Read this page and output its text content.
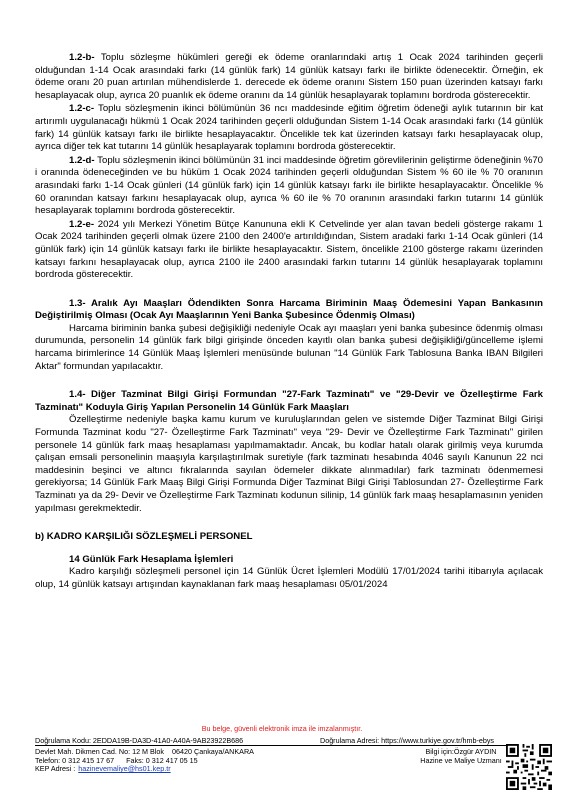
1.2-b- Toplu sözleşme hükümleri gereği ek ödeme oranlarındaki artış 1 Ocak 2024 tarihinden geçerli olduğundan 1-14 Ocak arasındaki farkı (14 günlük fark) 14 günlük katsayı farkı ile birlikte ödenecektir. Örneğin, ek ödeme oranı 20 puan artırılan mühendislerde 1. derecede ek ödeme oranını Sistem 150 puan üzerinden katsayı farkı hesaplayacak olup, ayrıca 20 puanlık ek ödeme oranını da 14 günlük hesaplayarak toplamını bordroda gösterecektir.

1.2-c- Toplu sözleşmenin ikinci bölümünün 36 ncı maddesinde eğitim öğretim ödeneği aylık tutarının bir kat artırımlı uygulanacağı hükmü 1 Ocak 2024 tarihinden geçerli olduğundan Sistem 1-14 Ocak arasındaki farkı (14 günlük fark) 14 günlük katsayı farkı ile birlikte hesaplayacaktır. Öncelikle tek kat üzerinden katsayı farkı hesaplayacak olup, ayrıca diğer tek kat tutarını 14 günlük hesaplayarak toplamını bordroda gösterecektir.

1.2-d- Toplu sözleşmenin ikinci bölümünün 31 inci maddesinde öğretim görevlilerinin geliştirme ödeneğinin %70 i oranında ödeneceğinden ve bu hüküm 1 Ocak 2024 tarihinden geçerli olduğundan Sistem % 60 ile % 70 oranının arasındaki farkı 1-14 Ocak günleri (14 günlük fark) için 14 günlük katsayı farkı ile birlikte hesaplayacaktır. Öncelikle % 60 oranından katsayı farkını hesaplayacak olup, ayrıca % 60 ile % 70 oranının arasındaki farkın tutarını 14 günlük hesaplayarak toplamını bordroda gösterecektir.

1.2-e- 2024 yılı Merkezi Yönetim Bütçe Kanununa ekli K Cetvelinde yer alan tavan bedeli gösterge rakamı 1 Ocak 2024 tarihinden geçerli olmak üzere 2100 den 2400'e artırıldığından, Sistem aradaki farkı 1-14 Ocak günleri (14 günlük fark) için 14 günlük katsayı farkı ile birlikte hesaplayacaktır. Sistem, öncelikle 2100 gösterge rakamı üzerinden katsayı farkını hesaplayacak olup, ayrıca 2100 ile 2400 arasındaki farkın tutarını 14 günlük hesaplayarak toplamını bordroda gösterecektir.

1.3- Aralık Ayı Maaşları Ödendikten Sonra Harcama Biriminin Maaş Ödemesini Yapan Bankasının Değiştirilmiş Olması (Ocak Ayı Maaşlarının Yeni Banka Şubesince Ödenmiş Olması)

Harcama biriminin banka şubesi değişikliği nedeniyle Ocak ayı maaşları yeni banka şubesince ödenmiş olması durumunda, personelin 14 günlük fark bilgi girişinde önceden kayıtlı olan banka şubesi değişikliği/güncelleme işlemi harcama birimlerince 14 Günlük Maaş İşlemleri menüsünde bulunan "14 Günlük Fark Tablosuna Banka IBAN Bilgileri Aktar" formundan yapılacaktır.

1.4- Diğer Tazminat Bilgi Girişi Formundan "27-Fark Tazminatı" ve "29-Devir ve Özelleştirme Fark Tazminatı" Koduyla Giriş Yapılan Personelin 14 Günlük Fark Maaşları

Özelleştirme nedeniyle başka kamu kurum ve kuruluşlarından gelen ve sistemde Diğer Tazminat Bilgi Girişi Formunda Tazminat kodu "27- Özelleştirme Fark Tazminatı" veya "29- Devir ve Özelleştirme Fark Tazminatı" girilen personele 14 günlük fark maaş hesaplaması yapılmamaktadır. Ancak, bu kodlar hatalı olarak girilmiş veya kurumda çalışan emsali personelinin maaşıyla karşılaştırılmak suretiyle (fark tazminatı hesabında 4046 sayılı Kanunun 22 nci maddesinin beşinci ve altıncı fıkralarında sayılan ödemeler dikkate alınmadılar) fark tazminatı ödenmemesi gerekiyorsa; 14 Günlük Fark Maaş Bilgi Girişi Formunda Diğer Tazminat Bilgi Girişi Tablosundan 27- Özelleştirme Fark Tazminatı ya da 29- Devir ve Özelleştirme Fark Tazminatı kodunun silinip, 14 günlük fark maaş hesaplamasının yeniden yapılması gerekmektedir.

b) KADRO KARŞILIĞI SÖZLEŞMELİ PERSONEL
14 Günlük Fark Hesaplama İşlemleri

Kadro karşılığı sözleşmeli personel için 14 Günlük Ücret İşlemleri Modülü 17/01/2024 tarihi itibarıyla açılacak olup, 14 günlük katsayı artışından kaynaklanan fark maaş hesaplaması 05/01/2024

Bu belge, güvenli elektronik imza ile imzalanmıştır.
Doğrulama Kodu: 2EDDA19B-DA3D-41A0-A40A-9AB23922B686	Doğrulama Adresi: https://www.turkiye.gov.tr/hmb-ebys
Devlet Mah. Dikmen Cad. No: 12 M Blok 06420 Çankaya/ANKARA
Telefon: 0 312 415 17 67 Faks: 0 312 417 05 15
KEP Adresi : hazinevemaliye@hs01.kep.tr
Bilgi için:Özgür AYDIN
Hazine ve Maliye Uzmanı
